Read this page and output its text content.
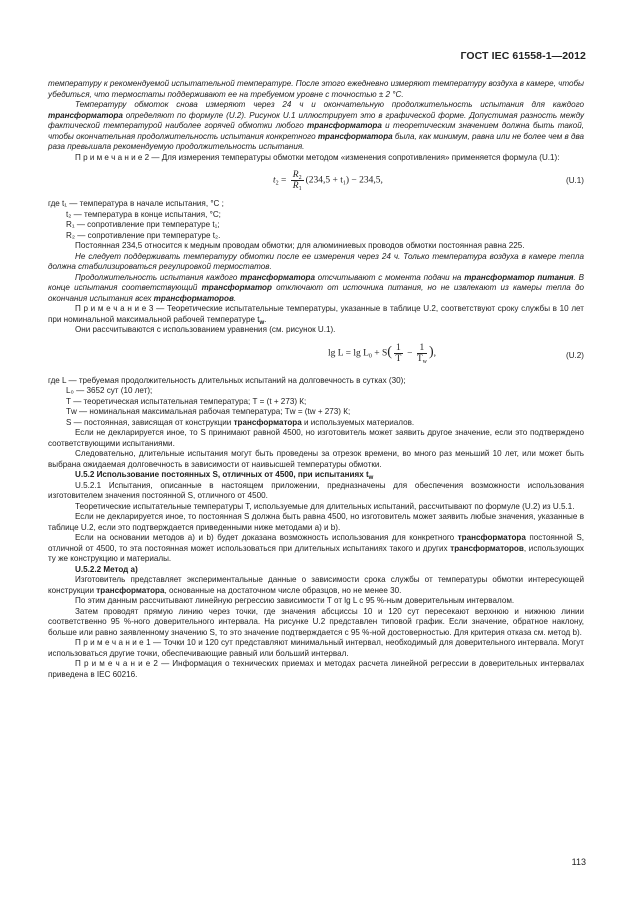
ГОСТ IEC 61558-1—2012

температуру к рекомендуемой испытательной температуре. После этого ежедневно измеряют температуру воздуха в камере, чтобы убедиться, что термостаты поддерживают ее на требуемом уровне с точностью ± 2 °С.

Температуру обмоток снова измеряют через 24 ч и окончательную продолжительность испытания для каждого трансформатора определяют по формуле (U.2). Рисунок U.1 иллюстрирует это в графической форме. Допустимая разность между фактической температурой наиболее горячей обмотки любого трансформатора и теоретическим значением должна быть такой, чтобы окончательная продолжительность испытания конкретного трансформатора была, как минимум, равна или не более чем в два раза превышала рекомендуемую продолжительность испытания.

П р и м е ч а н и е 2 — Для измерения температуры обмотки методом «изменения сопротивления» применяется формула (U.1):

$t_2 = \frac{R_2}{R_1} (234,5 + t_1) - 234,5$,	(U.1)

где t₁ — температура в начале испытания, °С ;

t₂ — температура в конце испытания, °С;

R₁ — сопротивление при температуре t₁;

R₂ — сопротивление при температуре t₂.

Постоянная 234,5 относится к медным проводам обмотки; для алюминиевых проводов обмотки постоянная равна 225.

Не следует поддерживать температуру обмотки после ее измерения через 24 ч. Только температура воздуха в камере тепла должна стабилизироваться регулировкой термостатов.

Продолжительность испытания каждого трансформатора отсчитывают с момента подачи на трансформатор питания. В конце испытания соответствующий трансформатор отключают от источника питания, но не извлекают из камеры тепла до окончания испытания всех трансформаторов.

П р и м е ч а н и е 3 — Теоретические испытательные температуры, указанные в таблице U.2, соответствуют сроку службы в 10 лет при номинальной максимальной рабочей температуре $t_w$.

Они рассчитываются с использованием уравнения (см. рисунок U.1).

$\lg L = \lg L_0 + S( \frac{1}{T} - \frac{1}{T_w}$ ),	(U.2)

где L — требуемая продолжительность длительных испытаний на долговечность в сутках (30);

L₀ — 3652 сут (10 лет);

Т — теоретическая испытательная температура; Т = (t + 273) К;

Тw — номинальная максимальная рабочая температура; Тw = (tw + 273) К;

S — постоянная, зависящая от конструкции трансформатора и используемых материалов.

Если не декларируется иное, то S принимают равной 4500, но изготовитель может заявить другое значение, если это подтверждено соответствующими испытаниями.

Следовательно, длительные испытания могут быть проведены за отрезок времени, во много раз меньший 10 лет, или может быть выбрана ожидаемая долговечность в зависимости от наивысшей температуры обмотки.

U.5.2 Использование постоянных S, отличных от 4500, при испытаниях $t_w$

U.5.2.1 Испытания, описанные в настоящем приложении, предназначены для обеспечения возможности использования изготовителем значения постоянной S, отличного от 4500.

Теоретические испытательные температуры Т, используемые для длительных испытаний, рассчитывают по формуле (U.2) из U.5.1.

Если не декларируется иное, то постоянная S должна быть равна 4500, но изготовитель может заявить любые значения, указанные в таблице U.2, если это подтверждается приведенными ниже методами а) и b).

Если на основании методов а) и b) будет доказана возможность использования для конкретного трансформатора постоянной S, отличной от 4500, то эта постоянная может использоваться при длительных испытаниях такого и других трансформаторов, использующих ту же конструкцию и материалы.

U.5.2.2 Метод а)

Изготовитель представляет экспериментальные данные о зависимости срока службы от температуры обмотки интересующей конструкции трансформатора, основанные на достаточном числе образцов, но не менее 30.

По этим данным рассчитывают линейную регрессию зависимости Т от lg L с 95 %-ным доверительным интервалом.

Затем проводят прямую линию через точки, где значения абсциссы 10 и 120 сут пересекают верхнюю и нижнюю линии соответственно 95 %-ного доверительного интервала. На рисунке U.2 представлен типовой график. Если значение, обратное наклону, больше или равно заявленному значению S, то это значение подтверждается с 95 %-ной достоверностью. Для критерия отказа см. метод b).

П р и м е ч а н и е 1 — Точки 10 и 120 сут представляют минимальный интервал, необходимый для доверительного интервала. Могут использоваться другие точки, обеспечивающие равный или больший интервал.

П р и м е ч а н и е 2 — Информация о технических приемах и методах расчета линейной регрессии в доверительных интервалах приведена в IEC 60216.

113
